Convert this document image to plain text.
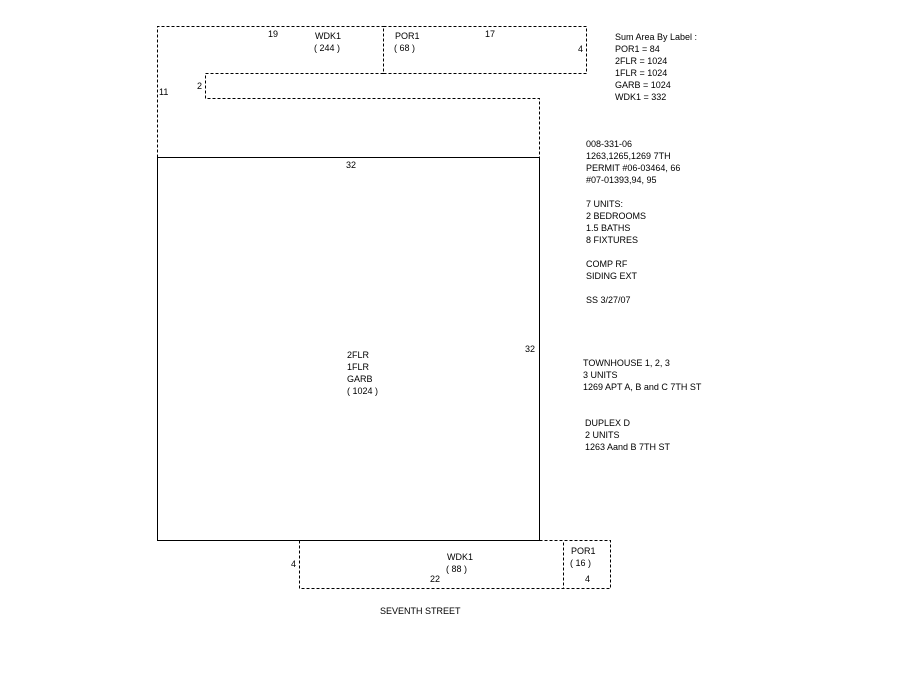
32
32
2FLR
1FLR
GARB
( 1024 )
19
11
2
WDK1
( 244 )
17
4
POR1
( 68 )
4
22
WDK1
( 88 )
POR1
( 16 )
4
SEVENTH STREET
Sum Area By Label :
POR1 = 84
2FLR = 1024
1FLR = 1024
GARB = 1024
WDK1 = 332
008-331-06
1263,1265,1269 7TH
PERMIT #06-03464, 66
#07-01393,94, 95
7 UNITS:
2 BEDROOMS
1.5 BATHS
8 FIXTURES
COMP RF
SIDING EXT
SS 3/27/07
TOWNHOUSE 1, 2, 3
3 UNITS
1269 APT A, B and C 7TH ST
DUPLEX D
2 UNITS
1263 Aand B 7TH ST
